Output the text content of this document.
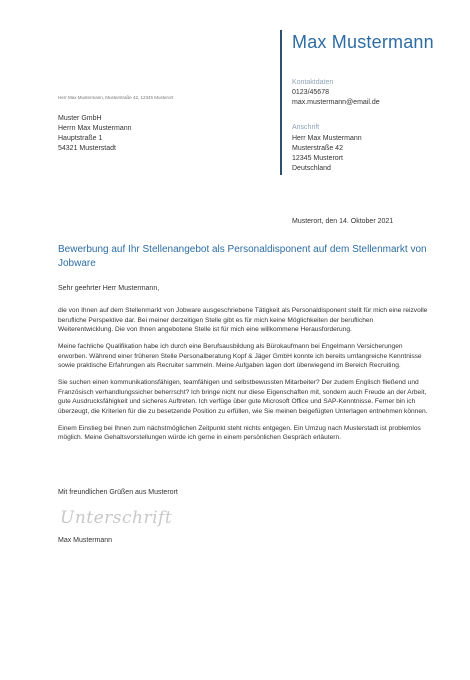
Max Mustermann
Kontaktdaten
0123/45678
max.mustermann@email.de
Anschrift
Herr Max Mustermann
Musterstraße 42
12345 Musterort
Deutschland
Herr Max Mustermann, Musterstraße 42, 12345 Musterort
Muster GmbH
Herrn Max Mustermann
Hauptstraße 1
54321 Musterstadt
Musterort, den 14. Oktober 2021
Bewerbung auf Ihr Stellenangebot als Personaldisponent auf dem Stellenmarkt von Jobware
Sehr geehrter Herr Mustermann,

die von Ihnen auf dem Stellenmarkt von Jobware ausgeschriebene Tätigkeit als Personaldisponent stellt für mich eine reizvolle berufliche Perspektive dar. Bei meiner derzeitigen Stelle gibt es für mich keine Möglichkeiten der beruflichen Weiterentwicklung. Die von Ihnen angebotene Stelle ist für mich eine willkommene Herausforderung.

Meine fachliche Qualifikation habe ich durch eine Berufsausbildung als Bürokaufmann bei Engelmann Versicherungen erworben. Während einer früheren Stelle Personalberatung Kopf & Jäger GmbH konnte ich bereits umfangreiche Kenntnisse sowie praktische Erfahrungen als Recruiter sammeln. Meine Aufgaben lagen dort überwiegend im Bereich Recruiting.

Sie suchen einen kommunikationsfähigen, teamfähigen und selbstbewussten Mitarbeiter? Der zudem Englisch fließend und Französisch verhandlungssicher beherrscht? Ich bringe nicht nur diese Eigenschaften mit, sondern auch Freude an der Arbeit, gute Ausdrucksfähigkeit und sicheres Auftreten. Ich verfüge über gute Microsoft Office und SAP-Kenntnisse. Ferner bin ich überzeugt, die Kriterien für die zu besetzende Position zu erfüllen, wie Sie meinen beigefügten Unterlagen entnehmen können.

Einem Einstieg bei Ihnen zum nächstmöglichen Zeitpunkt steht nichts entgegen. Ein Umzug nach Musterstadt ist problemlos möglich. Meine Gehaltsvorstellungen würde ich gerne in einem persönlichen Gespräch erläutern.

Mit freundlichen Grüßen aus Musterort
Unterschrift
Max Mustermann
